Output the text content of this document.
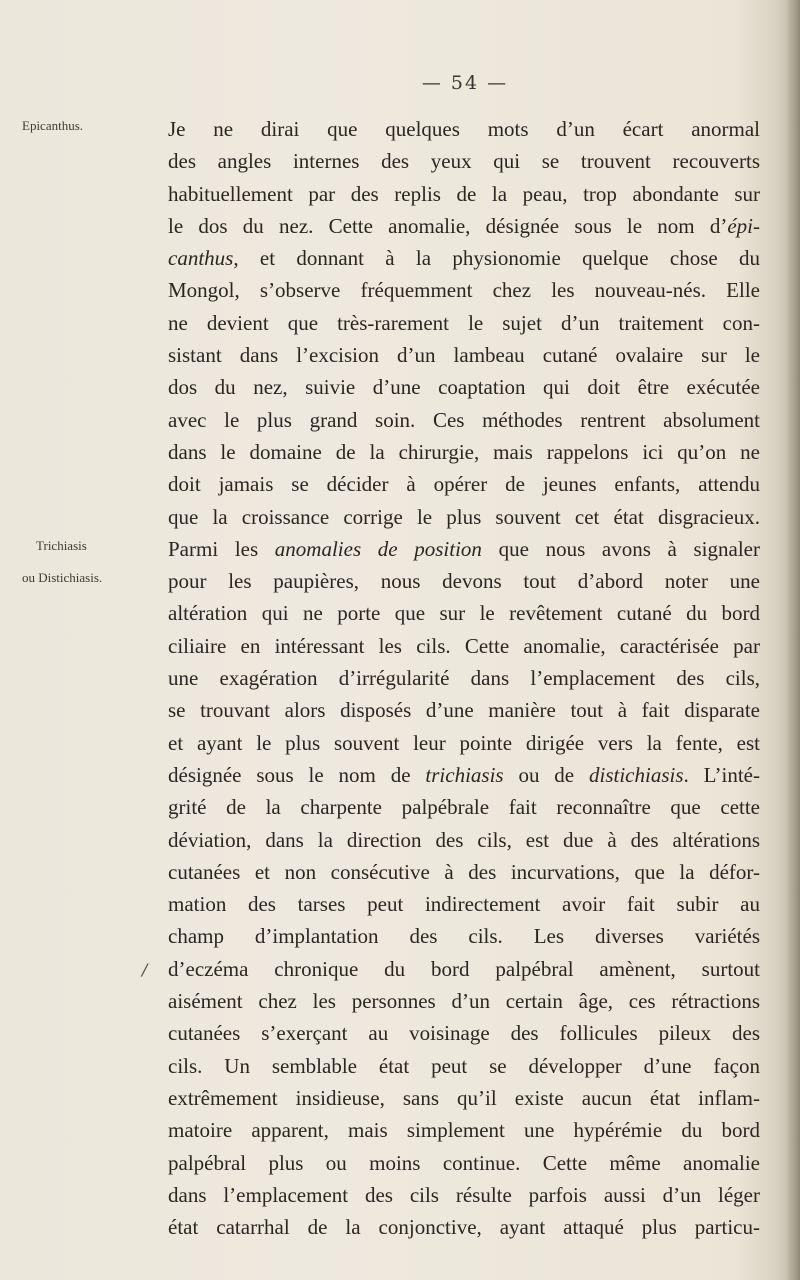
— 54 —
Epicanthus.
Trichiasis
ou Distichiasis.
/
Je ne dirai que quelques mots d’un écart anormal
des angles internes des yeux qui se trouvent recouverts
habituellement par des replis de la peau, trop abondante sur
le dos du nez. Cette anomalie, désignée sous le nom d’épi-
canthus, et donnant à la physionomie quelque chose du
Mongol, s’observe fréquemment chez les nouveau-nés. Elle
ne devient que très-rarement le sujet d’un traitement con-
sistant dans l’excision d’un lambeau cutané ovalaire sur le
dos du nez, suivie d’une coaptation qui doit être exécutée
avec le plus grand soin. Ces méthodes rentrent absolument
dans le domaine de la chirurgie, mais rappelons ici qu’on ne
doit jamais se décider à opérer de jeunes enfants, attendu
que la croissance corrige le plus souvent cet état disgracieux.
Parmi les anomalies de position que nous avons à signaler
pour les paupières, nous devons tout d’abord noter une
altération qui ne porte que sur le revêtement cutané du bord
ciliaire en intéressant les cils. Cette anomalie, caractérisée par
une exagération d’irrégularité dans l’emplacement des cils,
se trouvant alors disposés d’une manière tout à fait disparate
et ayant le plus souvent leur pointe dirigée vers la fente, est
désignée sous le nom de trichiasis ou de distichiasis. L’inté-
grité de la charpente palpébrale fait reconnaître que cette
déviation, dans la direction des cils, est due à des altérations
cutanées et non consécutive à des incurvations, que la défor-
mation des tarses peut indirectement avoir fait subir au
champ d’implantation des cils. Les diverses variétés
d’eczéma chronique du bord palpébral amènent, surtout
aisément chez les personnes d’un certain âge, ces rétractions
cutanées s’exerçant au voisinage des follicules pileux des
cils. Un semblable état peut se développer d’une façon
extrêmement insidieuse, sans qu’il existe aucun état inflam-
matoire apparent, mais simplement une hypérémie du bord
palpébral plus ou moins continue. Cette même anomalie
dans l’emplacement des cils résulte parfois aussi d’un léger
état catarrhal de la conjonctive, ayant attaqué plus particu-
